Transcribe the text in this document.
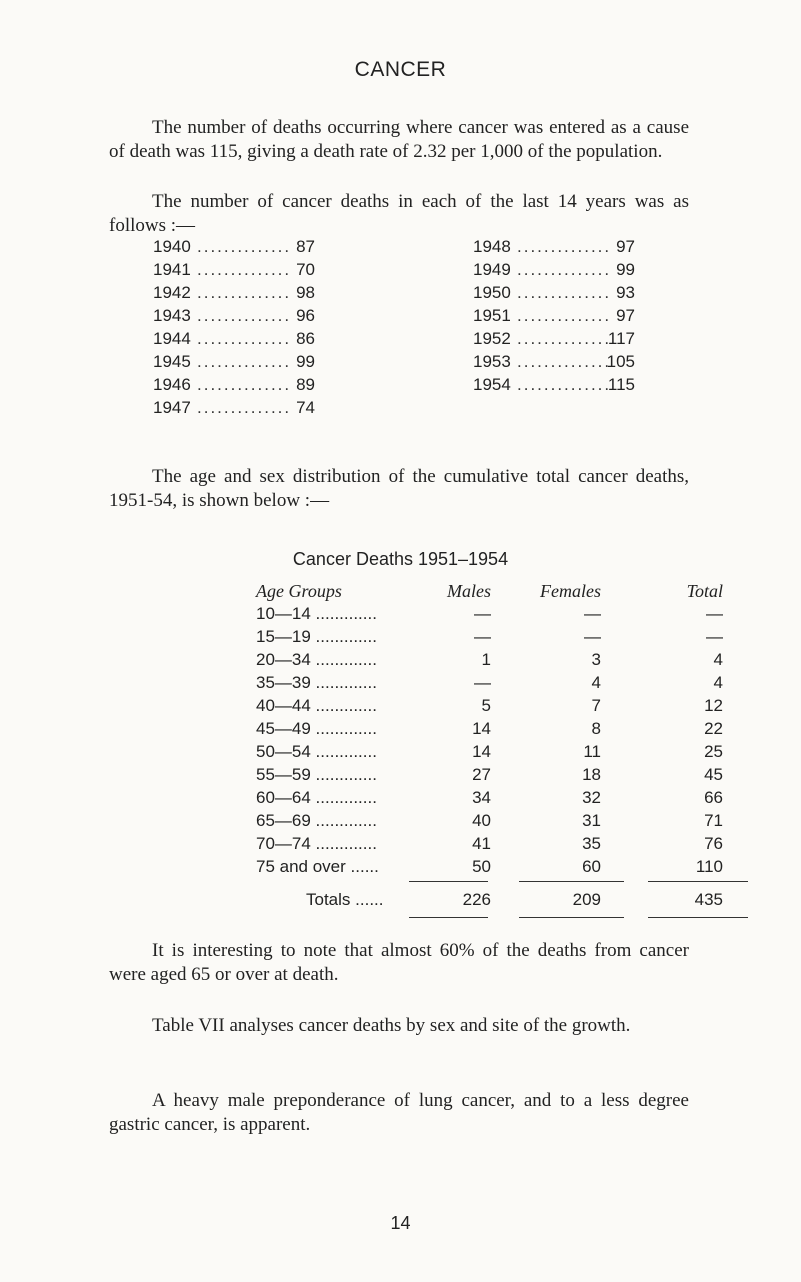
CANCER
The number of deaths occurring where cancer was entered as a cause of death was 115, giving a death rate of 2.32 per 1,000 of the population.
The number of cancer deaths in each of the last 14 years was as follows :—
1940 .............. 87
1941 .............. 70
1942 .............. 98
1943 .............. 96
1944 .............. 86
1945 .............. 99
1946 .............. 89
1947 .............. 74
1948 .............. 97
1949 .............. 99
1950 .............. 93
1951 .............. 97
1952 ..............117
1953 ..............105
1954 ..............115
The age and sex distribution of the cumulative total cancer deaths, 1951-54, is shown below :—
Cancer Deaths 1951–1954
Age Groups	Males	Females	Total
10—14 .............	—	—	—
15—19 .............	—	—	—
20—34 .............	1	3	4
35—39 .............	—	4	4
40—44 .............	5	7	12
45—49 .............	14	8	22
50—54 .............	14	11	25
55—59 .............	27	18	45
60—64 .............	34	32	66
65—69 .............	40	31	71
70—74 .............	41	35	76
75 and over ......	50	60	110
Totals ......	226	209	435
It is interesting to note that almost 60% of the deaths from cancer were aged 65 or over at death.
Table VII analyses cancer deaths by sex and site of the growth.
A heavy male preponderance of lung cancer, and to a less degree gastric cancer, is apparent.
14
